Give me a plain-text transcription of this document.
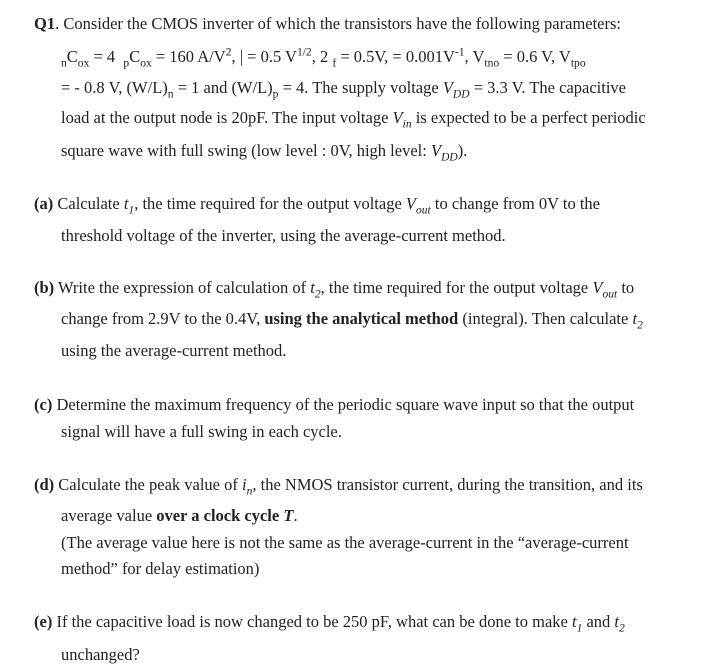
Q1. Consider the CMOS inverter of which the transistors have the following parameters:
$_nC_{ox} = 4$ $_pC_{ox} = 160$ $A/V^2$, | = 0.5 $V^{1/2}$, 2 $_f$ = 0.5V, = $0.001V^{-1}$, $V_{tno} = 0.6$ V, $V_{tpo}$
= - 0.8 V, $(W/L)_n = 1$ and $(W/L)_p = 4$. The supply voltage $V_{DD} = 3.3$ V. The capacitive
load at the output node is 20pF. The input voltage $V_{in}$ is expected to be a perfect periodic
square wave with full swing (low level : 0V, high level: $V_{DD}$).
(a) Calculate $t_1$, the time required for the output voltage $V_{out}$ to change from 0V to the
threshold voltage of the inverter, using the average-current method.
(b) Write the expression of calculation of $t_2$, the time required for the output voltage $V_{out}$ to
change from 2.9V to the 0.4V, using the analytical method (integral). Then calculate $t_2$
using the average-current method.
(c) Determine the maximum frequency of the periodic square wave input so that the output
signal will have a full swing in each cycle.
(d) Calculate the peak value of $i_n$, the NMOS transistor current, during the transition, and its
average value over a clock cycle T.
(The average value here is not the same as the average-current in the “average-current
method” for delay estimation)
(e) If the capacitive load is now changed to be 250 pF, what can be done to make $t_1$ and $t_2$
unchanged?
